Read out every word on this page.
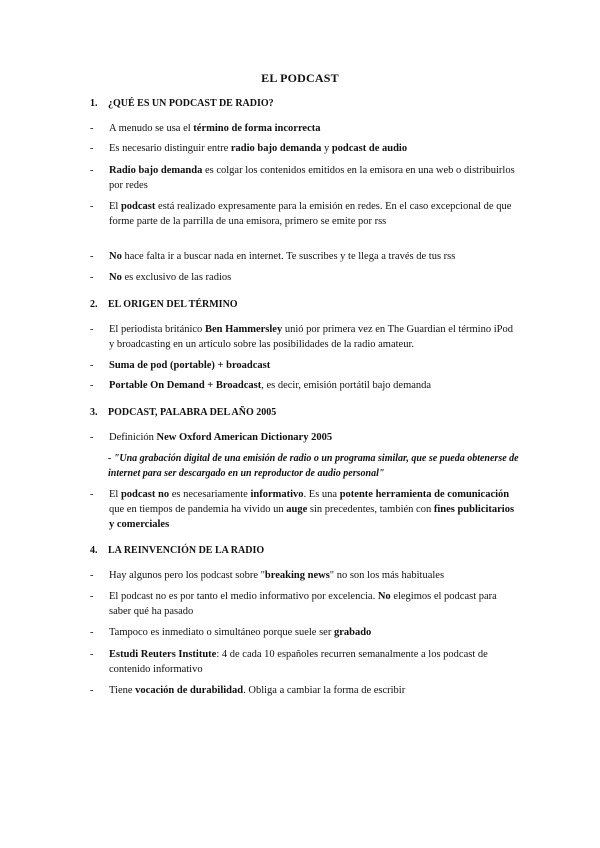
EL PODCAST
1. ¿QUÉ ES UN PODCAST DE RADIO?
- A menudo se usa el término de forma incorrecta
- Es necesario distinguir entre radio bajo demanda y podcast de audio
- Radio bajo demanda es colgar los contenidos emitidos en la emisora en una web o distribuirlos por redes
- El podcast está realizado expresamente para la emisión en redes. En el caso excepcional de que forme parte de la parrilla de una emisora, primero se emite por rss
- No hace falta ir a buscar nada en internet. Te suscribes y te llega a través de tus rss
- No es exclusivo de las radios
2. EL ORIGEN DEL TÉRMINO
- El periodista británico Ben Hammersley unió por primera vez en The Guardian el término iPod y broadcasting en un artículo sobre las posibilidades de la radio amateur.
- Suma de pod (portable) + broadcast
- Portable On Demand + Broadcast, es decir, emisión portátil bajo demanda
3. PODCAST, PALABRA DEL AÑO 2005
- Definición New Oxford American Dictionary 2005
- "Una grabación digital de una emisión de radio o un programa similar, que se pueda obtenerse de internet para ser descargado en un reproductor de audio personal"
- El podcast no es necesariamente informativo. Es una potente herramienta de comunicación que en tiempos de pandemia ha vivido un auge sin precedentes, también con fines publicitarios y comerciales
4. LA REINVENCIÓN DE LA RADIO
- Hay algunos pero los podcast sobre "breaking news" no son los más habituales
- El podcast no es por tanto el medio informativo por excelencia. No elegimos el podcast para saber qué ha pasado
- Tampoco es inmediato o simultáneo porque suele ser grabado
- Estudi Reuters Institute: 4 de cada 10 españoles recurren semanalmente a los podcast de contenido informativo
- Tiene vocación de durabilidad. Obliga a cambiar la forma de escribir
